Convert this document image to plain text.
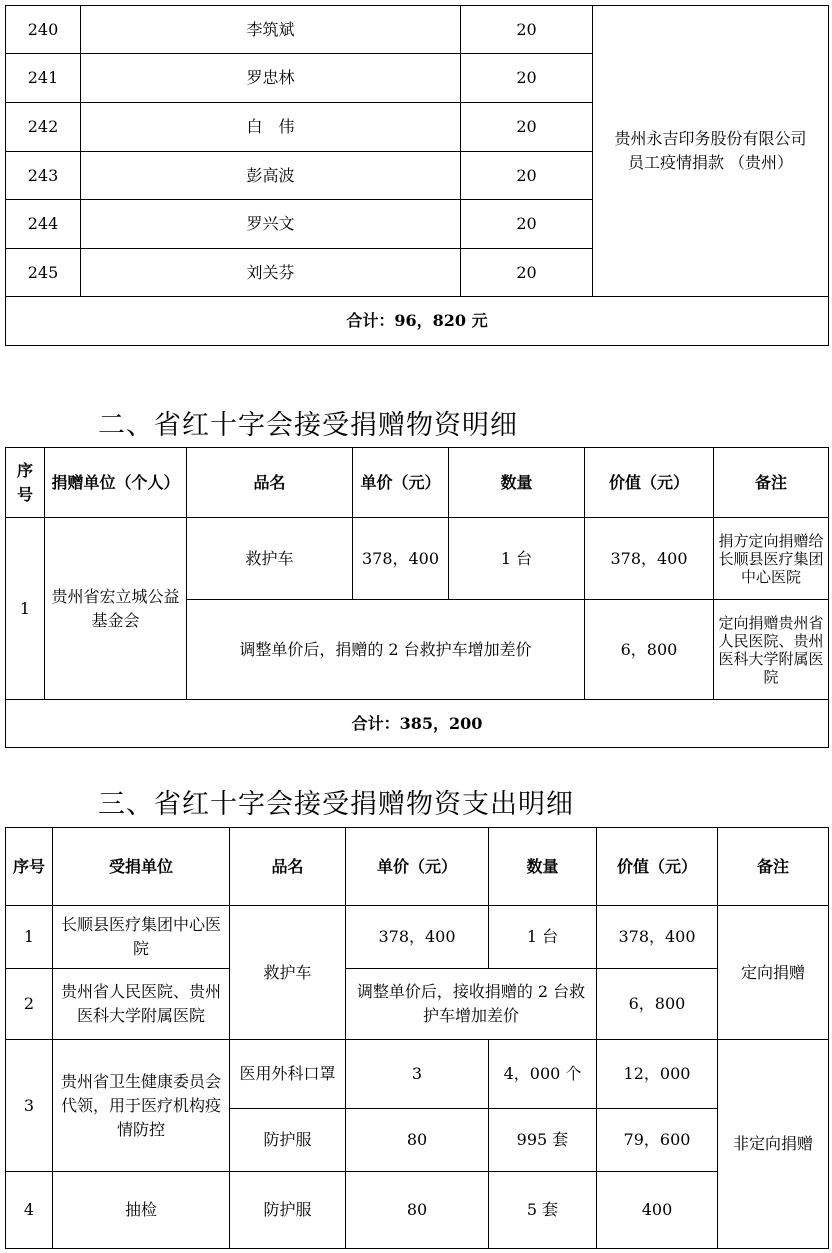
240	李筑斌	20	贵州永吉印务股份有限公司
员工疫情捐款 （贵州）

241	罗忠林	20	
242	白　伟	20	
243	彭高波	20	
244	罗兴文	20	
245	刘关芬	20	
合计：96，820 元			
二、省红十字会接受捐赠物资明细
序号	捐赠单位（个人）	品名	单价（元）	数量	价值（元）	备注
1	贵州省宏立城公益基金会	救护车	378，400	1 台	378，400	捐方定向捐赠给长顺县医疗集团中心医院
		调整单价后，捐赠的 2 台救护车增加差价			6，800	定向捐赠贵州省人民医院、贵州医科大学附属医院
合计：385，200						
三、省红十字会接受捐赠物资支出明细
序号	受捐单位	品名	单价（元）	数量	价值（元）	备注
1	长顺县医疗集团中心医院	救护车	378，400	1 台	378，400	定向捐赠
2	贵州省人民医院、贵州医科大学附属医院		调整单价后，接收捐赠的 2 台救护车增加差价		6，800	
3	贵州省卫生健康委员会代领，用于医疗机构疫情防控	医用外科口罩	3	4，000 个	12，000	非定向捐赠
		防护服	80	995 套	79，600	
4	抽检	防护服	80	5 套	400	
